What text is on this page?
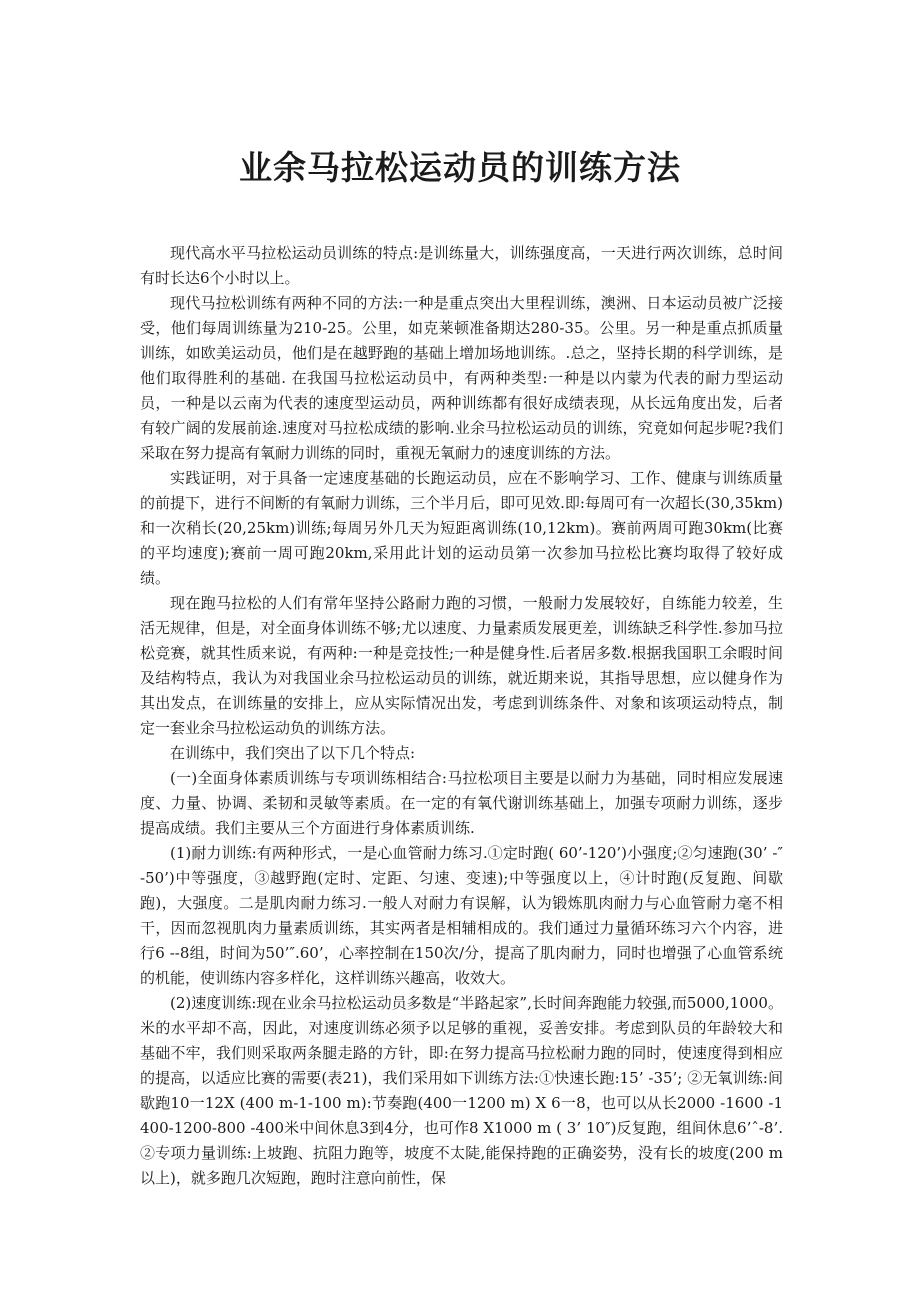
业余马拉松运动员的训练方法

现代高水平马拉松运动员训练的特点:是训练量大，训练强度高，一天进行两次训练，总时间有时长达6个小时以上。

现代马拉松训练有两种不同的方法:一种是重点突出大里程训练，澳洲、日本运动员被广泛接受，他们每周训练量为210-25。公里，如克莱顿准备期达280-35。公里。另一种是重点抓质量训练，如欧美运动员，他们是在越野跑的基础上增加场地训练。.总之，坚持长期的科学训练，是他们取得胜利的基础. 在我国马拉松运动员中，有两种类型:一种是以内蒙为代表的耐力型运动员，一种是以云南为代表的速度型运动员，两种训练都有很好成绩表现，从长远角度出发，后者有较广阔的发展前途.速度对马拉松成绩的影响.业余马拉松运动员的训练，究竟如何起步呢?我们采取在努力提高有氧耐力训练的同时，重视无氧耐力的速度训练的方法。

实践证明，对于具备一定速度基础的长跑运动员，应在不影响学习、工作、健康与训练质量的前提下，进行不间断的有氧耐力训练，三个半月后，即可见效.即:每周可有一次超长(30,35km)和一次稍长(20,25km)训练;每周另外几天为短距离训练(10,12km)。赛前两周可跑30km(比赛的平均速度);赛前一周可跑20km,采用此计划的运动员第一次参加马拉松比赛均取得了较好成绩。

现在跑马拉松的人们有常年坚持公路耐力跑的习惯，一般耐力发展较好，自练能力较差，生活无规律，但是，对全面身体训练不够;尤以速度、力量素质发展更差，训练缺乏科学性.参加马拉松竞赛，就其性质来说，有两种:一种是竞技性;一种是健身性.后者居多数.根据我国职工余暇时间及结构特点，我认为对我国业余马拉松运动员的训练，就近期来说，其指导思想，应以健身作为其出发点，在训练量的安排上，应从实际情况出发，考虑到训练条件、对象和该项运动特点，制定一套业余马拉松运动负的训练方法。

在训练中，我们突出了以下几个特点:

(一)全面身体素质训练与专项训练相结合:马拉松项目主要是以耐力为基础，同时相应发展速度、力量、协调、柔韧和灵敏等素质。在一定的有氧代谢训练基础上，加强专项耐力训练，逐步提高成绩。我们主要从三个方面进行身体素质训练.

(1)耐力训练:有两种形式，一是心血管耐力练习.①定时跑( 60’-120’)小强度;②匀速跑(30’ -″-50’)中等强度，③越野跑(定时、定距、匀速、变速);中等强度以上，④计时跑(反复跑、间歇跑)，大强度。二是肌肉耐力练习.一般人对耐力有误解，认为锻炼肌肉耐力与心血管耐力毫不相干，因而忽视肌肉力量素质训练，其实两者是相辅相成的。我们通过力量循环练习六个内容，进行6 --8组，时间为50’″.60’，心率控制在150次/分，提高了肌肉耐力，同时也增强了心血管系统的机能，使训练内容多样化，这样训练兴趣高，收效大。

(2)速度训练:现在业余马拉松运动员多数是“半路起家”,长时间奔跑能力较强,而5000,1000。米的水平却不高，因此，对速度训练必须予以足够的重视，妥善安排。考虑到队员的年龄较大和基础不牢，我们则采取两条腿走路的方针，即:在努力提高马拉松耐力跑的同时，使速度得到相应的提高，以适应比赛的需要(表21)，我们采用如下训练方法:①快速长跑:15’ -35’; ②无氧训练:间歇跑10一12X (400 m-1-100 m):节奏跑(400一1200 m) X 6一8，也可以从长2000 -1600 -1400-1200-800 -400米中间休息3到4分，也可作8 X1000 m ( 3’ 10″)反复跑，组间休息6’ˆ-8’.②专项力量训练:上坡跑、抗阻力跑等，坡度不太陡,能保持跑的正确姿势，没有长的坡度(200 m以上)，就多跑几次短跑，跑时注意向前性，保
